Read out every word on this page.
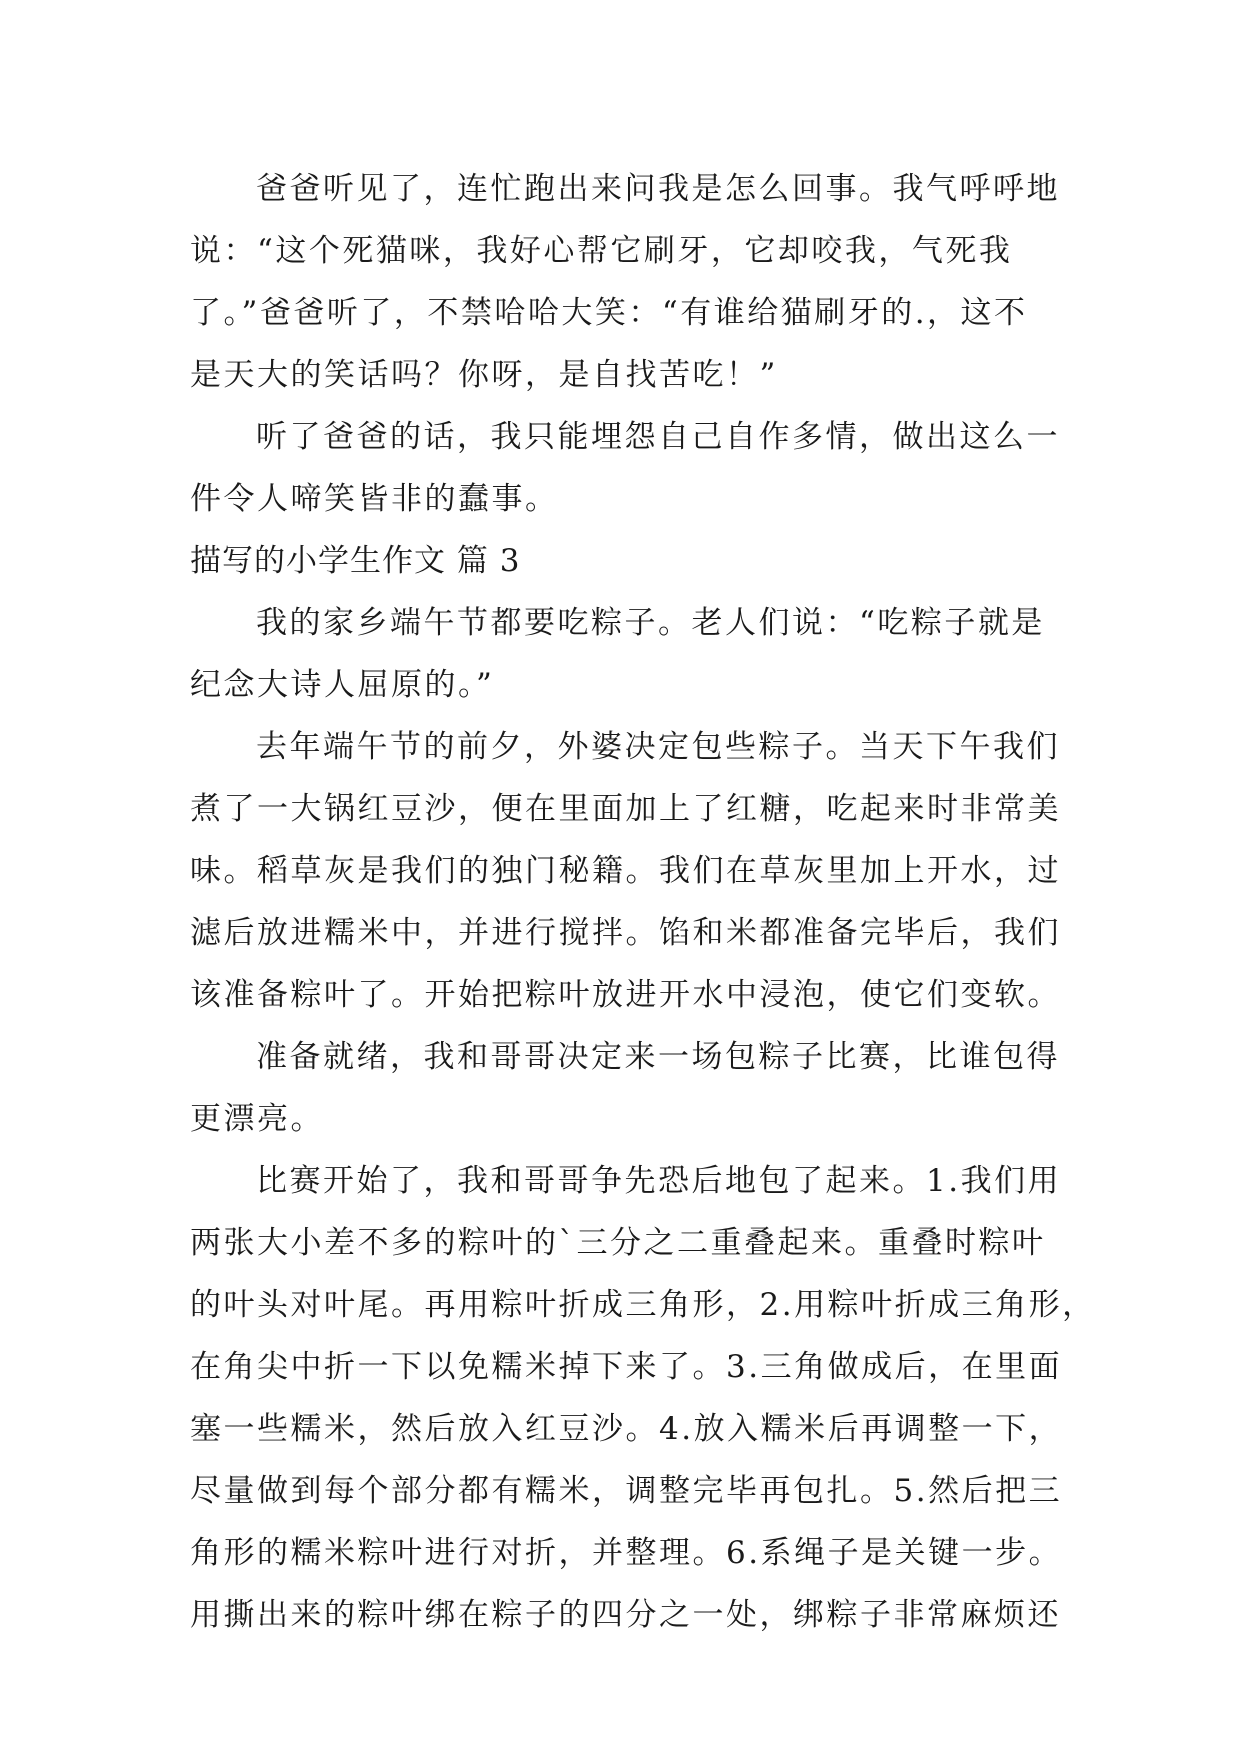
爸爸听见了，连忙跑出来问我是怎么回事。我气呼呼地
说：“这个死猫咪，我好心帮它刷牙，它却咬我，气死我
了。”爸爸听了，不禁哈哈大笑：“有谁给猫刷牙的.，这不
是天大的笑话吗？你呀，是自找苦吃！”
听了爸爸的话，我只能埋怨自己自作多情，做出这么一
件令人啼笑皆非的蠢事。
描写的小学生作文 篇 3
我的家乡端午节都要吃粽子。老人们说：“吃粽子就是
纪念大诗人屈原的。”
去年端午节的前夕，外婆决定包些粽子。当天下午我们
煮了一大锅红豆沙，便在里面加上了红糖，吃起来时非常美
味。稻草灰是我们的独门秘籍。我们在草灰里加上开水，过
滤后放进糯米中，并进行搅拌。馅和米都准备完毕后，我们
该准备粽叶了。开始把粽叶放进开水中浸泡，使它们变软。
准备就绪，我和哥哥决定来一场包粽子比赛，比谁包得
更漂亮。
比赛开始了，我和哥哥争先恐后地包了起来。1.我们用
两张大小差不多的粽叶的`三分之二重叠起来。重叠时粽叶
的叶头对叶尾。再用粽叶折成三角形，2.用粽叶折成三角形，
在角尖中折一下以免糯米掉下来了。3.三角做成后，在里面
塞一些糯米，然后放入红豆沙。4.放入糯米后再调整一下，
尽量做到每个部分都有糯米，调整完毕再包扎。5.然后把三
角形的糯米粽叶进行对折，并整理。6.系绳子是关键一步。
用撕出来的粽叶绑在粽子的四分之一处，绑粽子非常麻烦还
